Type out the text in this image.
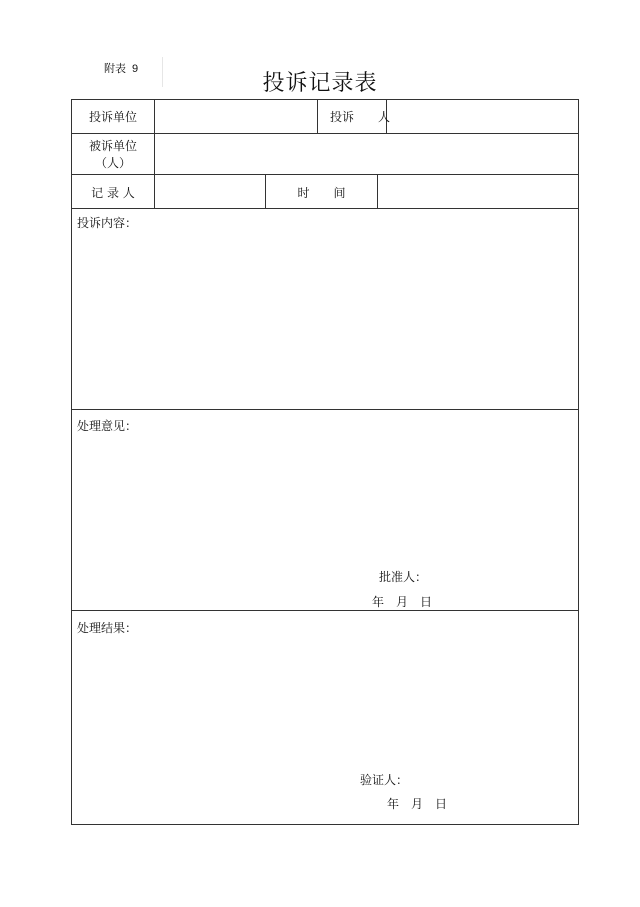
附表 9
投诉记录表
投诉单位	投诉　　人
被诉单位
（人）
记 录 人	时　　间
投诉内容：
处理意见：
批准人：
年　月　日
处理结果：
验证人：
年　月　日
